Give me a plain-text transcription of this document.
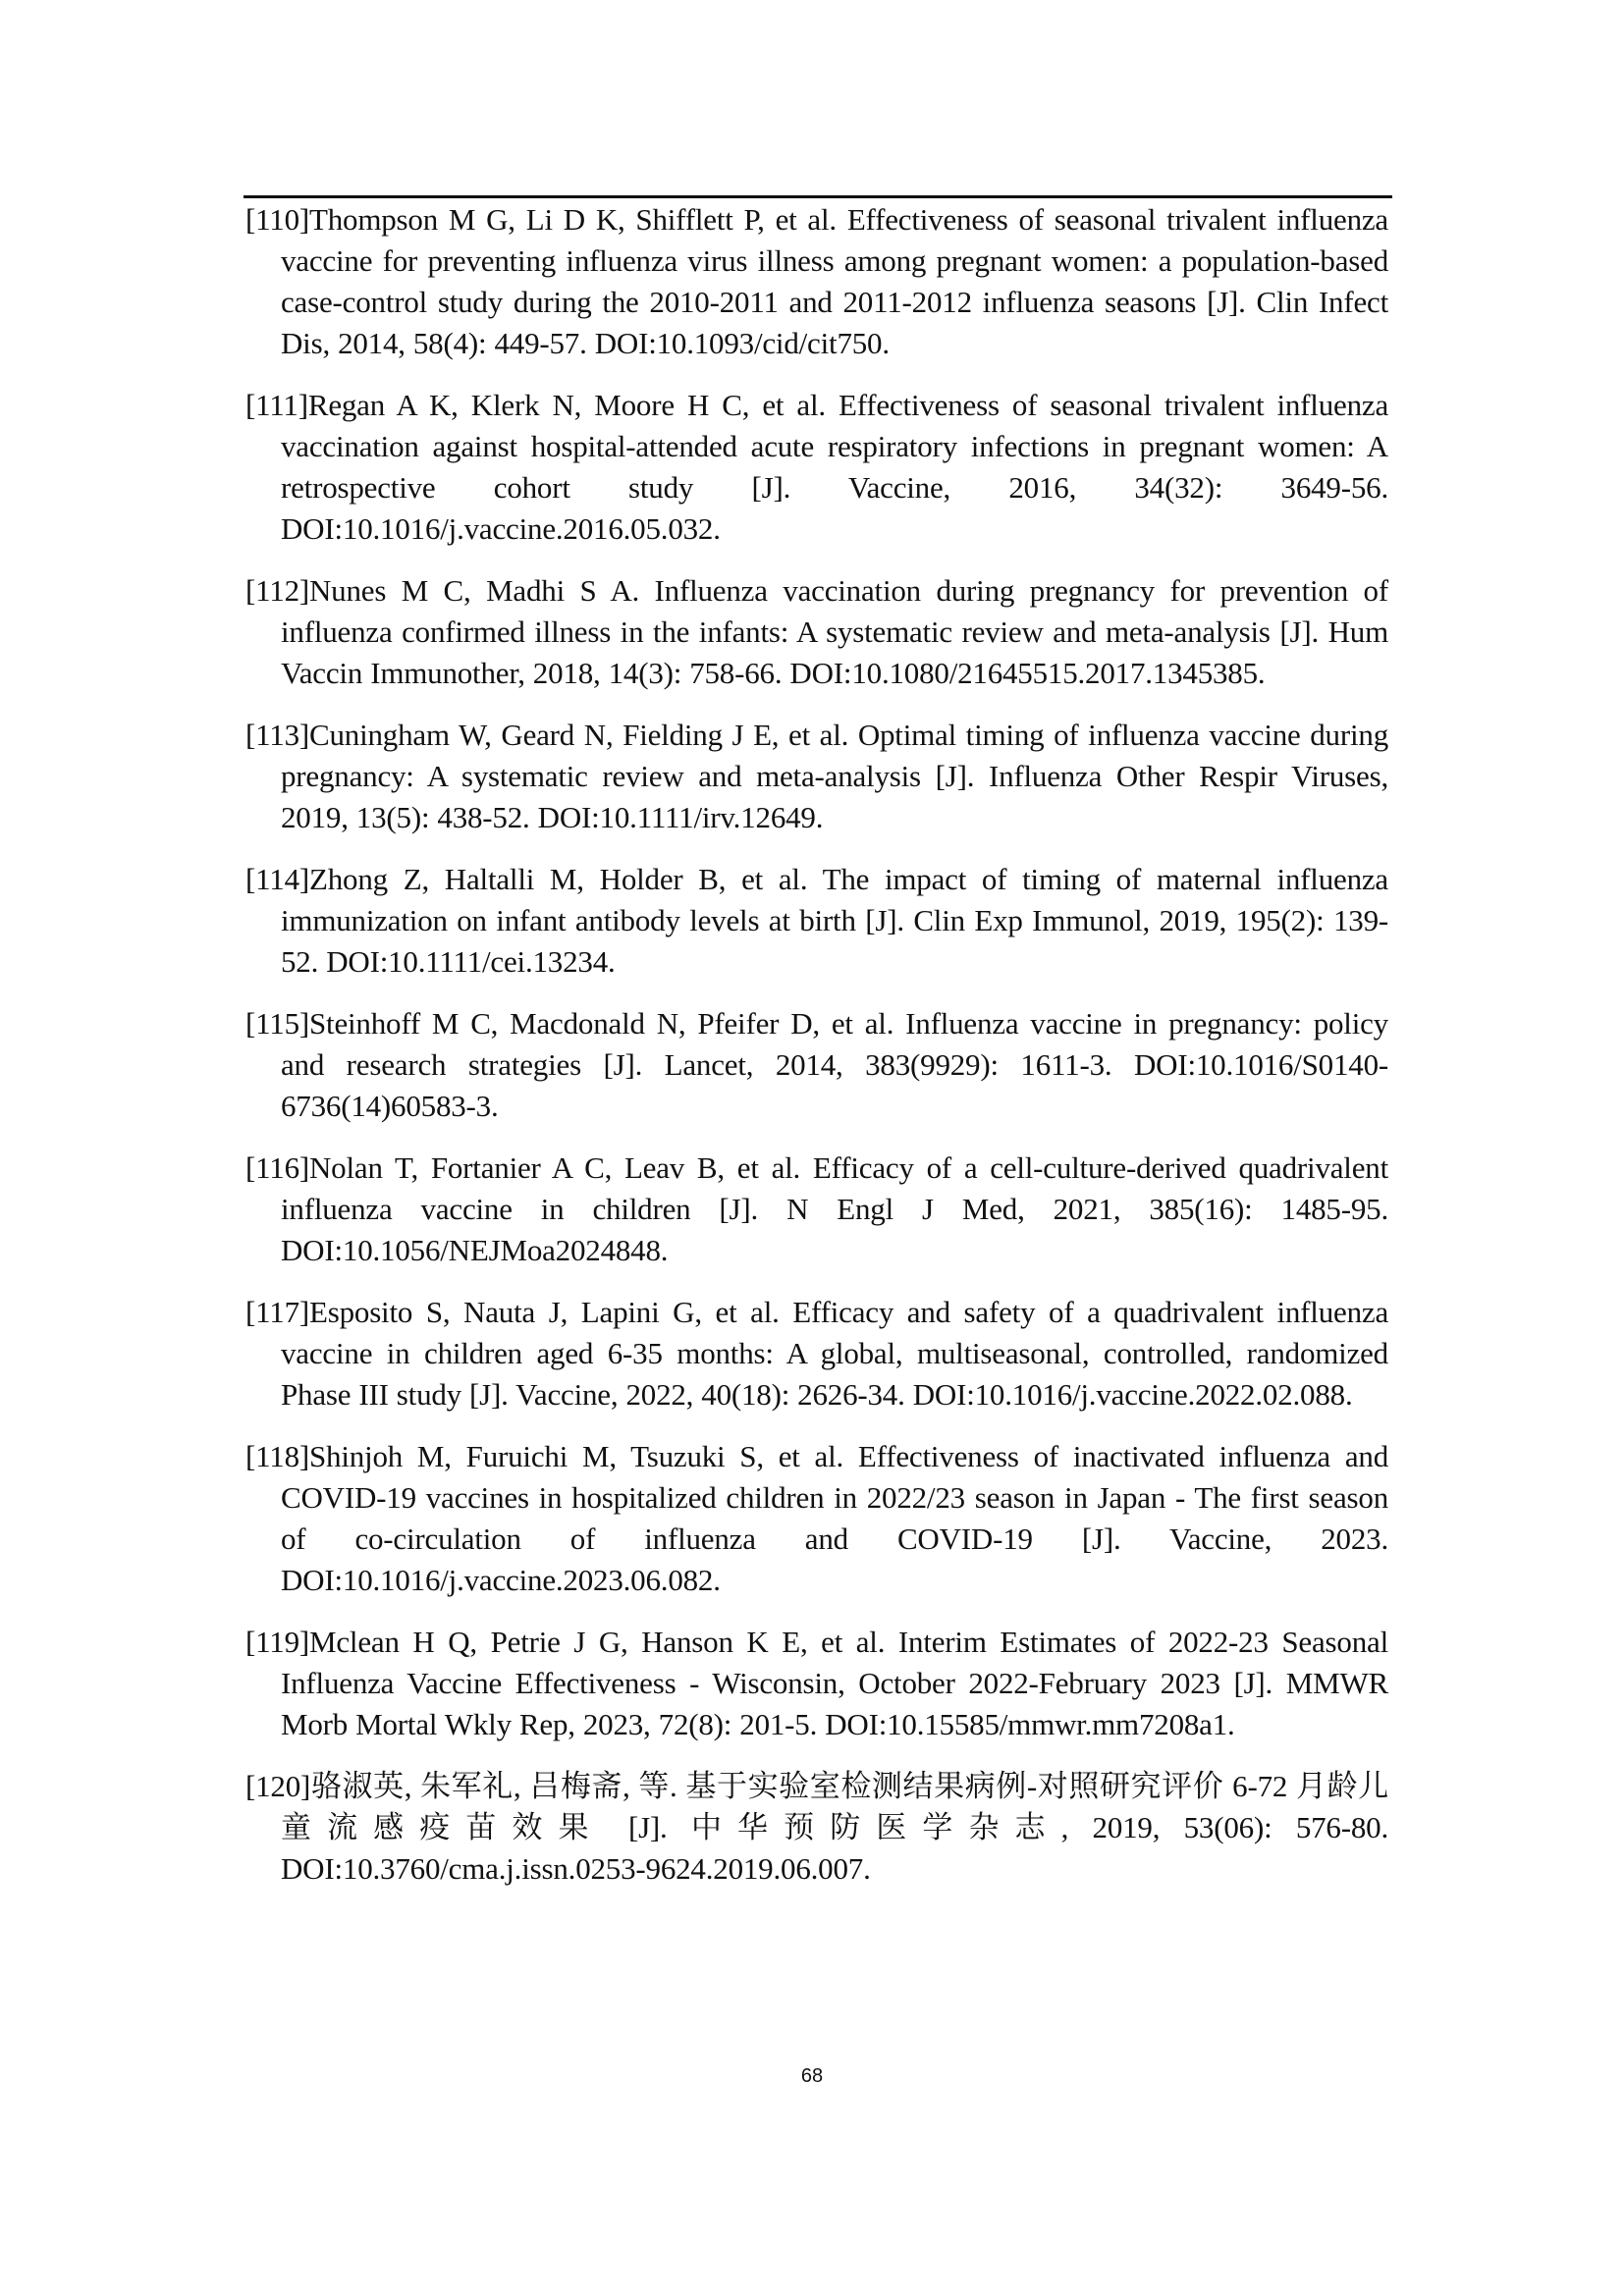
[110]Thompson M G, Li D K, Shifflett P, et al. Effectiveness of seasonal trivalent influenza vaccine for preventing influenza virus illness among pregnant women: a population-based case-control study during the 2010-2011 and 2011-2012 influenza seasons [J]. Clin Infect Dis, 2014, 58(4): 449-57. DOI:10.1093/cid/cit750.
[111]Regan A K, Klerk N, Moore H C, et al. Effectiveness of seasonal trivalent influenza vaccination against hospital-attended acute respiratory infections in pregnant women: A retrospective cohort study [J]. Vaccine, 2016, 34(32): 3649-56. DOI:10.1016/j.vaccine.2016.05.032.
[112]Nunes M C, Madhi S A. Influenza vaccination during pregnancy for prevention of influenza confirmed illness in the infants: A systematic review and meta-analysis [J]. Hum Vaccin Immunother, 2018, 14(3): 758-66. DOI:10.1080/21645515.2017.1345385.
[113]Cuningham W, Geard N, Fielding J E, et al. Optimal timing of influenza vaccine during pregnancy: A systematic review and meta-analysis [J]. Influenza Other Respir Viruses, 2019, 13(5): 438-52. DOI:10.1111/irv.12649.
[114]Zhong Z, Haltalli M, Holder B, et al. The impact of timing of maternal influenza immunization on infant antibody levels at birth [J]. Clin Exp Immunol, 2019, 195(2): 139-52. DOI:10.1111/cei.13234.
[115]Steinhoff M C, Macdonald N, Pfeifer D, et al. Influenza vaccine in pregnancy: policy and research strategies [J]. Lancet, 2014, 383(9929): 1611-3. DOI:10.1016/S0140-6736(14)60583-3.
[116]Nolan T, Fortanier A C, Leav B, et al. Efficacy of a cell-culture-derived quadrivalent influenza vaccine in children [J]. N Engl J Med, 2021, 385(16): 1485-95. DOI:10.1056/NEJMoa2024848.
[117]Esposito S, Nauta J, Lapini G, et al. Efficacy and safety of a quadrivalent influenza vaccine in children aged 6-35 months: A global, multiseasonal, controlled, randomized Phase III study [J]. Vaccine, 2022, 40(18): 2626-34. DOI:10.1016/j.vaccine.2022.02.088.
[118]Shinjoh M, Furuichi M, Tsuzuki S, et al. Effectiveness of inactivated influenza and COVID-19 vaccines in hospitalized children in 2022/23 season in Japan - The first season of co-circulation of influenza and COVID-19 [J]. Vaccine, 2023. DOI:10.1016/j.vaccine.2023.06.082.
[119]Mclean H Q, Petrie J G, Hanson K E, et al. Interim Estimates of 2022-23 Seasonal Influenza Vaccine Effectiveness - Wisconsin, October 2022-February 2023 [J]. MMWR Morb Mortal Wkly Rep, 2023, 72(8): 201-5. DOI:10.15585/mmwr.mm7208a1.
[120]骆淑英, 朱军礼, 吕梅斋, 等. 基于实验室检测结果病例-对照研究评价 6-72 月龄儿童流感疫苗效果 [J]. 中华预防医学杂志, 2019, 53(06): 576-80. DOI:10.3760/cma.j.issn.0253-9624.2019.06.007.
68
